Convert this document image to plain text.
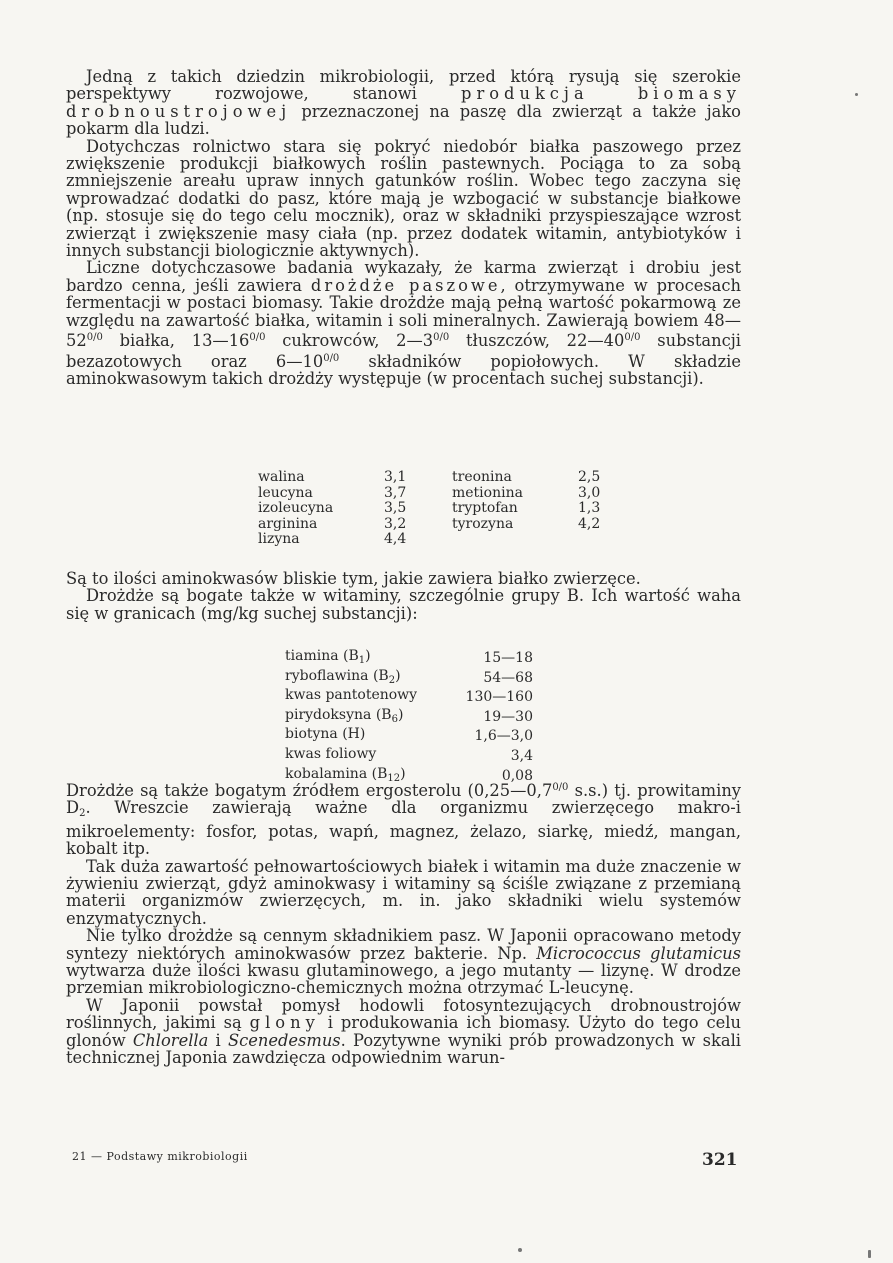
Jedną z takich dziedzin mikrobiologii, przed którą rysują się szerokie perspektywy rozwojowe, stanowi produkcja biomasy drobnoustrojowej przeznaczonej na paszę dla zwierząt a także jako pokarm dla ludzi.

Dotychczas rolnictwo stara się pokryć niedobór białka paszowego przez zwiększenie produkcji białkowych roślin pastewnych. Pociąga to za sobą zmniejszenie areału upraw innych gatunków roślin. Wobec tego zaczyna się wprowadzać dodatki do pasz, które mają je wzbogacić w substancje białkowe (np. stosuje się do tego celu mocznik), oraz w składniki przyspieszające wzrost zwierząt i zwiększenie masy ciała (np. przez dodatek witamin, antybiotyków i innych substancji biologicznie aktywnych).

Liczne dotychczasowe badania wykazały, że karma zwierząt i drobiu jest bardzo cenna, jeśli zawiera drożdże paszowe, otrzymywane w procesach fermentacji w postaci biomasy. Takie drożdże mają pełną wartość pokarmową ze względu na zawartość białka, witamin i soli mineralnych. Zawierają bowiem $48—52^{0/0}$ białka, $13—16^{0/0}$ cukrowców, $2—3^{0/0}$ tłuszczów, $22—40^{0/0}$ substancji bezazotowych oraz $6—10^{0/0}$ składników popiołowych. W składzie aminokwasowym takich drożdży występuje (w procentach suchej substancji).

walina	3,1	treonina	2,5
leucyna	3,7	metionina	3,0
izoleucyna	3,5	tryptofan	1,3
arginina	3,2	tyrozyna	4,2
lizyna	4,4		

Są to ilości aminokwasów bliskie tym, jakie zawiera białko zwierzęce.

Drożdże są bogate także w witaminy, szczególnie grupy B. Ich wartość waha się w granicach (mg/kg suchej substancji):

tiamina $(B_1)$	15—18
ryboflawina $(B_2)$	54—68
kwas pantotenowy	130—160
pirydoksyna $(B_6)$	19—30
biotyna (H)	1,6—3,0
kwas foliowy	3,4
kobalamina $(B_{12})$	0,08

Drożdże są także bogatym źródłem ergosterolu ($0,25—0,7^{0/0}$ s.s.) tj. prowitaminy $D_2$. Wreszcie zawierają ważne dla organizmu zwierzęcego makro-i mikroelementy: fosfor, potas, wapń, magnez, żelazo, siarkę, miedź, mangan, kobalt itp.

Tak duża zawartość pełnowartościowych białek i witamin ma duże znaczenie w żywieniu zwierząt, gdyż aminokwasy i witaminy są ściśle związane z przemianą materii organizmów zwierzęcych, m. in. jako składniki wielu systemów enzymatycznych.

Nie tylko drożdże są cennym składnikiem pasz. W Japonii opracowano metody syntezy niektórych aminokwasów przez bakterie. Np. Micrococcus glutamicus wytwarza duże ilości kwasu glutaminowego, a jego mutanty — lizynę. W drodze przemian mikrobiologiczno-chemicznych można otrzymać L-leucynę.

W Japonii powstał pomysł hodowli fotosyntezujących drobnoustrojów roślinnych, jakimi są glony i produkowania ich biomasy. Użyto do tego celu glonów Chlorella i Scenedesmus. Pozytywne wyniki prób prowadzonych w skali technicznej Japonia zawdzięcza odpowiednim warun-

21 — Podstawy mikrobiologii	321
